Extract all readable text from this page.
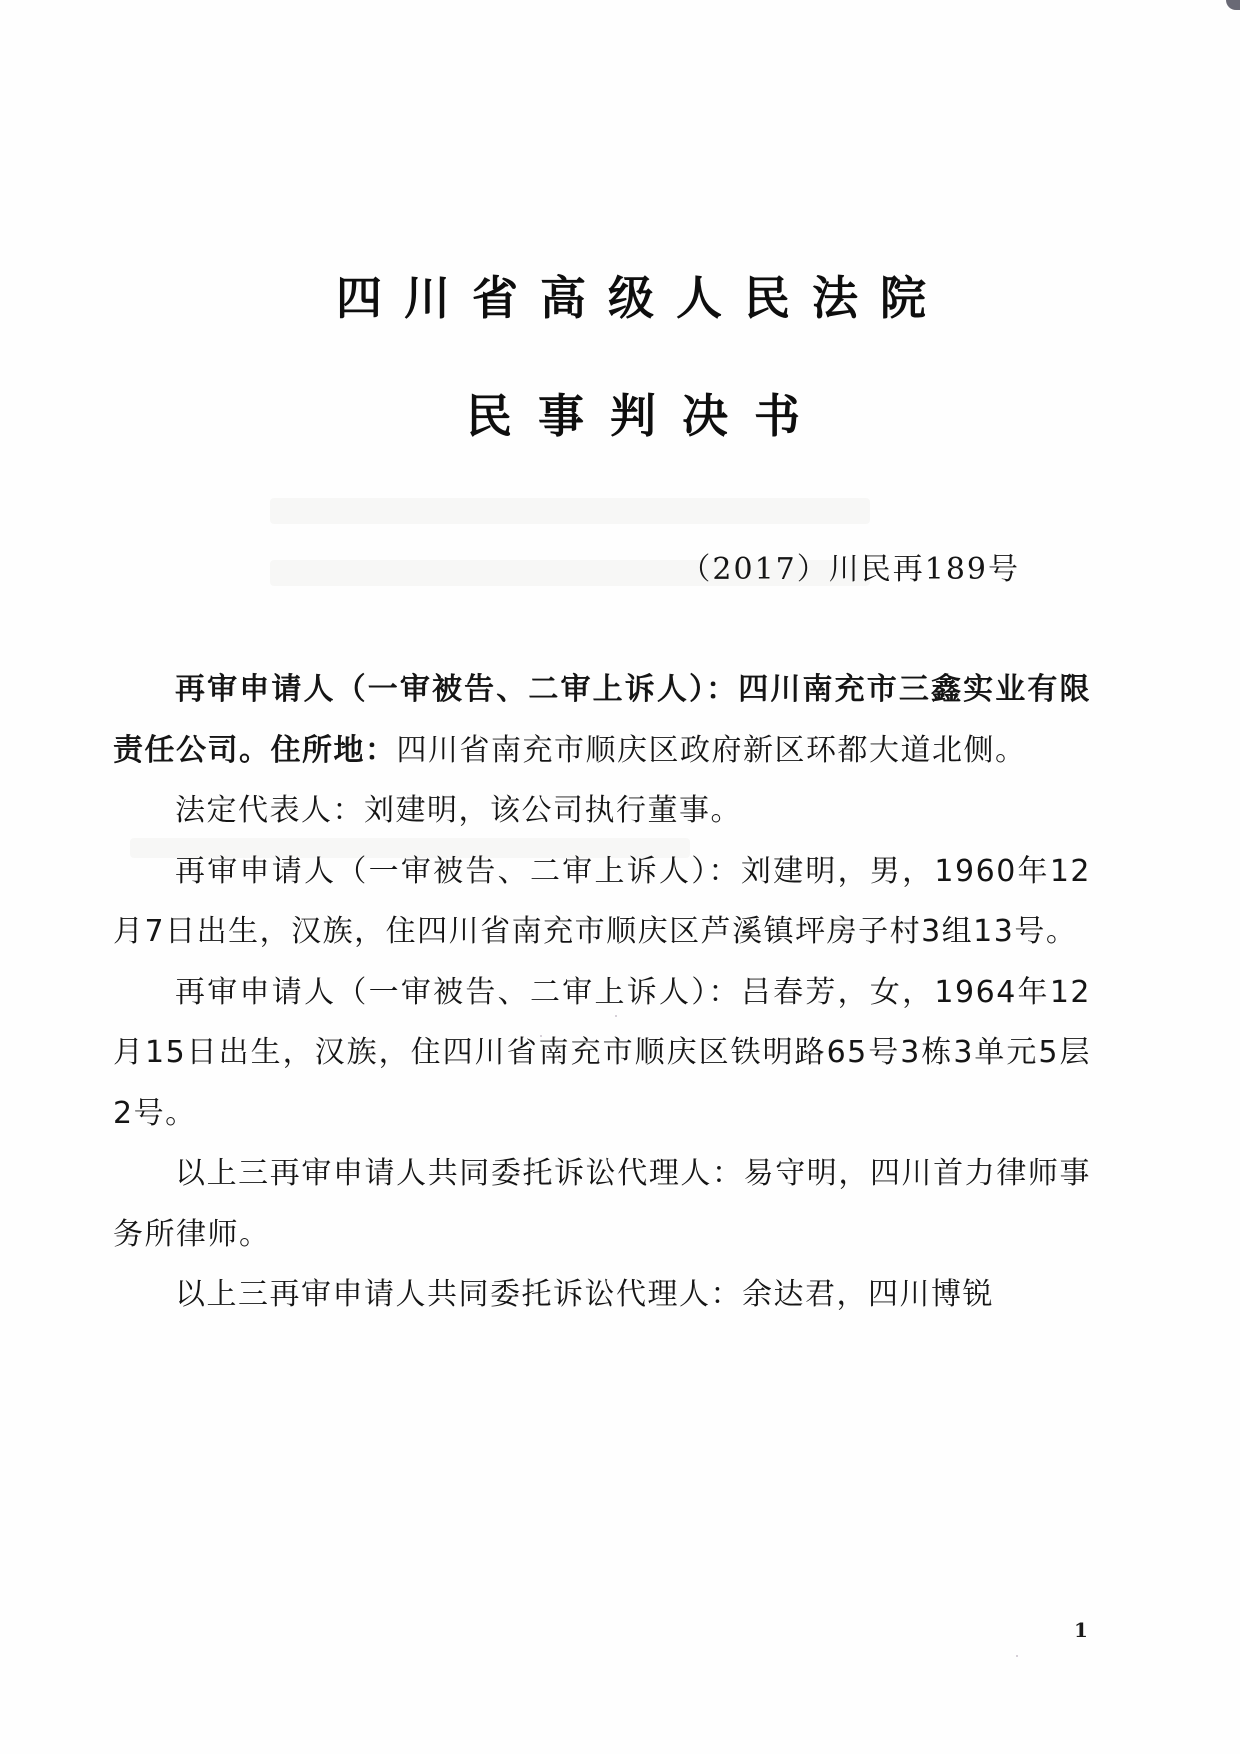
四川省高级人民法院
民事判决书
（2017）川民再189号

再审申请人（一审被告、二审上诉人）：四川南充市三鑫实业有限责任公司。住所地：四川省南充市顺庆区政府新区环都大道北侧。

法定代表人：刘建明，该公司执行董事。

再审申请人（一审被告、二审上诉人）：刘建明，男，1960年12月7日出生，汉族，住四川省南充市顺庆区芦溪镇坪房子村3组13号。

再审申请人（一审被告、二审上诉人）：吕春芳，女，1964年12月15日出生，汉族，住四川省南充市顺庆区铁明路65号3栋3单元5层2号。

以上三再审申请人共同委托诉讼代理人：易守明，四川首力律师事务所律师。

以上三再审申请人共同委托诉讼代理人：余达君，四川博锐

1
